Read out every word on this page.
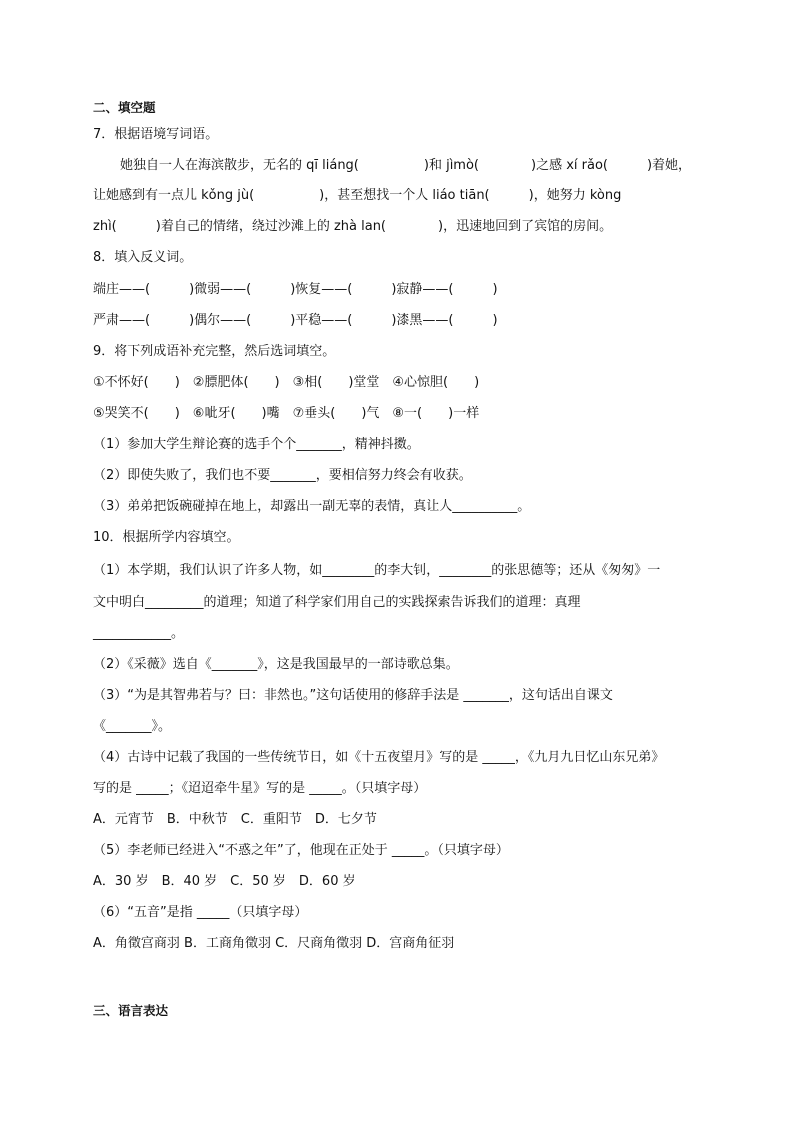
二、填空题
7．根据语境写词语。
她独自一人在海滨散步，无名的 qī liáng(　　　　　)和 jìmò(　　　　)之感 xí rǎo(　　　)着她，
让她感到有一点儿 kǒng jù(　　　　　)，甚至想找一个人 liáo tiān(　　　)，她努力 kòng
zhì(　　　)着自己的情绪，绕过沙滩上的 zhà lan(　　　　)，迅速地回到了宾馆的房间。
8．填入反义词。
端庄——(　　　)微弱——(　　　)恢复——(　　　)寂静——(　　　)
严肃——(　　　)偶尔——(　　　)平稳——(　　　)漆黑——(　　　)
9．将下列成语补充完整，然后选词填空。
①不怀好(　　)　②膘肥体(　　)　③相(　　)堂堂　④心惊胆(　　)
⑤哭笑不(　　)　⑥呲牙(　　)嘴　⑦垂头(　　)气　⑧一(　　)一样
（1）参加大学生辩论赛的选手个个_______，精神抖擞。
（2）即使失败了，我们也不要_______，要相信努力终会有收获。
（3）弟弟把饭碗碰掉在地上，却露出一副无辜的表情，真让人__________。
10．根据所学内容填空。
（1）本学期，我们认识了许多人物，如________的李大钊，________的张思德等；还从《匆匆》一
文中明白_________的道理；知道了科学家们用自己的实践探索告诉我们的道理：真理
____________。
（2）《采薇》选自《_______》，这是我国最早的一部诗歌总集。
（3）“为是其智弗若与？曰：非然也。”这句话使用的修辞手法是 _______，这句话出自课文
《_______》。
（4）古诗中记载了我国的一些传统节日，如《十五夜望月》写的是 _____，《九月九日忆山东兄弟》
写的是 _____；《迢迢牵牛星》写的是 _____。（只填字母）
A．元宵节　B．中秋节　C．重阳节　D．七夕节
（5）李老师已经进入“不惑之年”了，他现在正处于 _____。（只填字母）
A．30 岁　B．40 岁　C．50 岁　D．60 岁
（6）“五音”是指 _____（只填字母）
A．角徵宫商羽 B．工商角徵羽 C．尺商角徵羽 D．宫商角征羽
三、语言表达
